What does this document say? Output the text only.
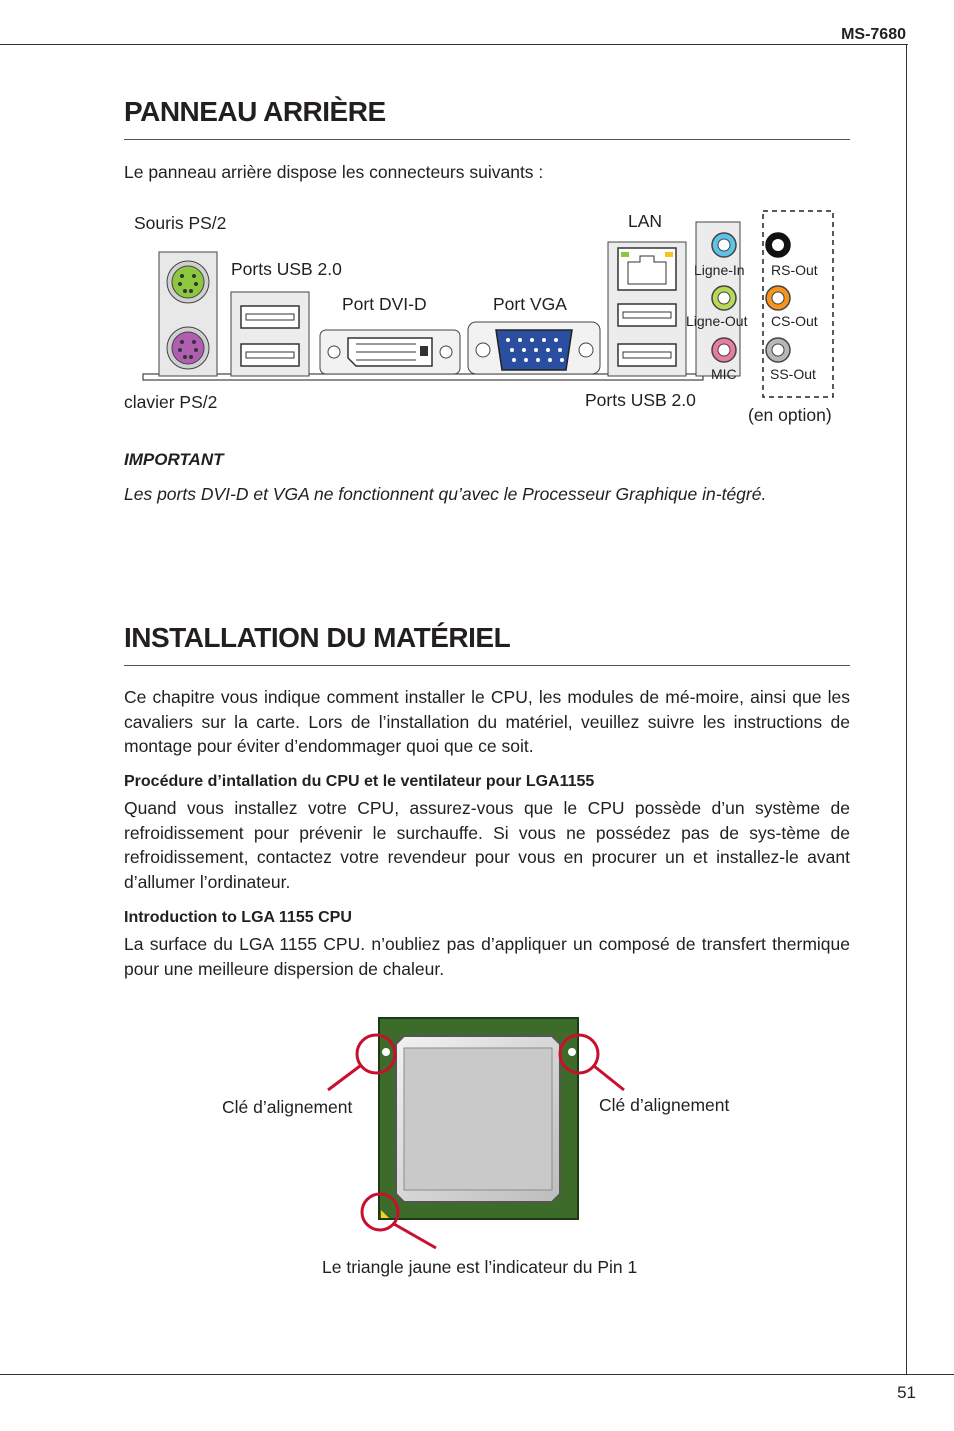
MS-7680
PANNEAU ARRIÈRE
Le panneau arrière dispose les connecteurs suivants :
Souris PS/2
Ports USB 2.0
Port DVI-D	Port VGA
LAN
clavier PS/2	Ports USB 2.0
(en option)
Ligne-In RS-Out
Ligne-Out CS-Out
MIC SS-Out
IMPORTANT
Les ports DVI-D et VGA ne fonctionnent qu’avec le Processeur Graphique in-tégré.
INSTALLATION DU MATÉRIEL
Ce chapitre vous indique comment installer le CPU, les modules de mé-moire, ainsi que les cavaliers sur la carte. Lors de l’installation du matériel, veuillez suivre les instructions de montage pour éviter d’endommager quoi que ce soit.
Procédure d’intallation du CPU et le ventilateur pour LGA1155
Quand vous installez votre CPU, assurez-vous que le CPU possède d’un système de refroidissement pour prévenir le surchauffe. Si vous ne possédez pas de sys-tème de refroidissement, contactez votre revendeur pour vous en procurer un et installez-le avant d’allumer l’ordinateur.
Introduction to LGA 1155 CPU
La surface du LGA 1155 CPU. n’oubliez pas d’appliquer un composé de transfert thermique pour une meilleure dispersion de chaleur.
Clé d’alignement	Clé d’alignement
Le triangle jaune est l’indicateur du Pin 1
51
